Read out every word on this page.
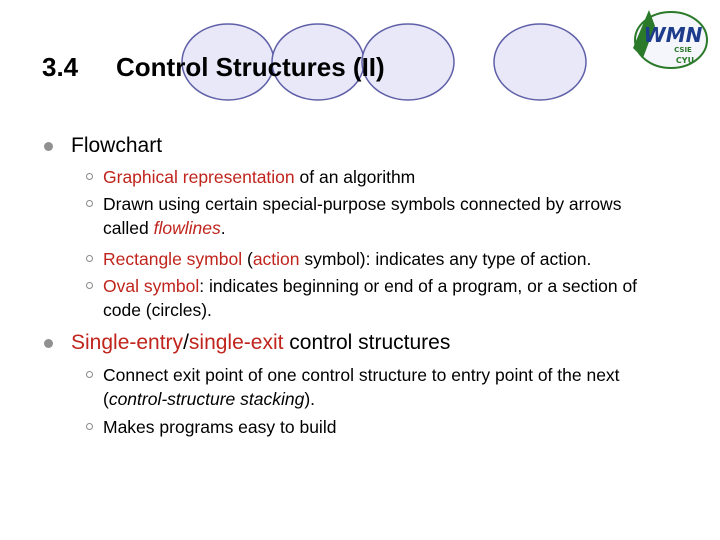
WMN
CSIE
CYU
3.4 Control Structures (II)
Flowchart
Graphical representation of an algorithm
Drawn using certain special-purpose symbols connected by arrows called flowlines.
Rectangle symbol (action symbol): indicates any type of action.
Oval symbol: indicates beginning or end of a program, or a section of code (circles).
Single-entry/single-exit control structures
Connect exit point of one control structure to entry point of the next (control-structure stacking).
Makes programs easy to build
